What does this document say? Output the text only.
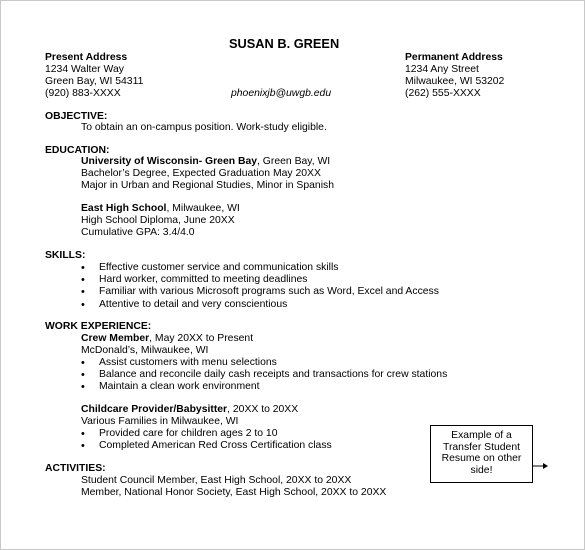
SUSAN B. GREEN
Present Address
1234 Walter Way
Green Bay, WI 54311
(920) 883-XXXX	phoenixjb@uwgb.edu
Permanent Address
1234 Any Street
Milwaukee, WI 53202
(262) 555-XXXX
OBJECTIVE:
To obtain an on-campus position. Work-study eligible.
EDUCATION:
University of Wisconsin- Green Bay, Green Bay, WI
Bachelor’s Degree, Expected Graduation May 20XX
Major in Urban and Regional Studies, Minor in Spanish
East High School, Milwaukee, WI
High School Diploma, June 20XX
Cumulative GPA: 3.4/4.0
SKILLS:
• Effective customer service and communication skills
• Hard worker, committed to meeting deadlines
• Familiar with various Microsoft programs such as Word, Excel and Access
• Attentive to detail and very conscientious
WORK EXPERIENCE:
Crew Member, May 20XX to Present
McDonald’s, Milwaukee, WI
• Assist customers with menu selections
• Balance and reconcile daily cash receipts and transactions for crew stations
• Maintain a clean work environment
Childcare Provider/Babysitter, 20XX to 20XX
Various Families in Milwaukee, WI
• Provided care for children ages 2 to 10
• Completed American Red Cross Certification class
ACTIVITIES:
Student Council Member, East High School, 20XX to 20XX
Member, National Honor Society, East High School, 20XX to 20XX
Example of a
Transfer Student
Resume on other
side!
